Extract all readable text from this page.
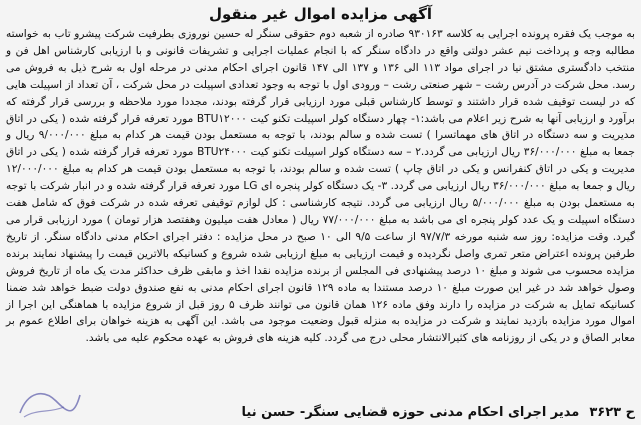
آگهی مزایده اموال غیر منقول

به موجب یک فقره پرونده اجرایی به کلاسه ۹۳۰۱۶۳ صادره از شعبه دوم حقوقی سنگر له حسین نوروزی بطرفیت شرکت پیشرو تاب به خواسته مطالبه وجه و پرداخت نیم عشر دولتی واقع در دادگاه سنگر که با انجام عملیات اجرایی و تشریفات قانونی و با ارزیابی کارشناس اهل فن و منتخب دادگستری مشتق نیا در اجرای مواد ۱۱۳ الی ۱۳۶ و ۱۳۷ الی ۱۴۷ قانون اجرای احکام مدنی در مرحله اول به شرح ذیل به فروش می رسد. محل شرکت در آدرس رشت – شهر صنعتی رشت – ورودی اول با توجه به وجود تعدادی اسپیلت در محل شرکت ، آن تعداد از اسپیلت هایی که در لیست توقیف شده قرار داشتند و توسط کارشناس قبلی مورد ارزیابی قرار گرفته بودند، مجددا مورد ملاحظه و بررسی قرار گرفته که برآورد و ارزیابی آنها به شرح زیر اعلام می باشد:۱- چهار دستگاه کولر اسپیلت تکنو کیت BTU۱۲۰۰۰ مورد تعرفه قرار گرفته شده ( یکی در اتاق مدیریت و سه دستگاه در اتاق های مهماتسرا ) تست شده و سالم بودند، با توجه به مستعمل بودن قیمت هر کدام به مبلغ ۹/۰۰۰/۰۰۰ ریال و جمعا به مبلغ ۳۶/۰۰۰/۰۰۰ ریال ارزیابی می گردد.۲ – سه دستگاه کولر اسپیلت تکنو کیت BTU۲۴۰۰۰ مورد تعرفه قرار گرفته شده ( یکی در اتاق مدیریت و یکی در اتاق کنفرانس و یکی در اتاق چاپ ) تست شده و سالم بودند، با توجه به مستعمل بودن قیمت هر کدام به مبلغ ۱۲/۰۰۰/۰۰۰ ریال و جمعا به مبلغ ۳۶/۰۰۰/۰۰۰ ریال ارزیابی می گردد. ۳- یک دستگاه کولر پنجره ای LG مورد تعرفه قرار گرفته شده و در انبار شرکت با توجه به مستعمل بودن به مبلغ ۵/۰۰۰/۰۰۰ ریال ارزیابی می گردد. نتیجه کارشناسی : کل لوازم توقیفی تعرفه شده در شرکت فوق که شامل هفت دستگاه اسپیلت و یک عدد کولر پنجره ای می باشد به مبلغ ۷۷/۰۰۰/۰۰۰ ریال ( معادل هفت میلیون وهفتصد هزار تومان ) مورد ارزیابی قرار می گیرد. وقت مزایده: روز سه شنبه مورخه ۹۷/۷/۳ از ساعت ۹/۵ الی ۱۰ صبح در محل مزایده : دفتر اجرای احکام مدنی دادگاه سنگر. از تاریخ طرفین پرونده اعتراض متعر تمری واصل نگردیده و قیمت ارزیابی به مبلغ ارزیابی شده شروع و کسانیکه بالاترین قیمت را پیشنهاد نمایند برنده مزایده محسوب می شوند و مبلغ ۱۰ درصد پیشنهادی فی المجلس از برنده مزایده نقدا اخذ و مابقی ظرف حداکثر مدت یک ماه از تاریخ فروش وصول خواهد شد در غیر این صورت مبلغ ۱۰ درصد مستندا به ماده ۱۲۹ قانون اجرای احکام مدنی به نفع صندوق دولت ضبط خواهد شد ضمنا کسانیکه تمایل به شرکت در مزایده را دارند وفق ماده ۱۲۶ همان قانون می توانند ظرف ۵ روز قبل از شروع مزایده با هماهنگی این اجرا از اموال مورد مزایده بازدید نمایند و شرکت در مزایده به منزله قبول وضعیت موجود می باشد. این آگهی به هزینه خواهان برای اطلاع عموم بر معابر الصاق و در یکی از روزنامه های کثیرالانتشار محلی درج می گردد. کلیه هزینه های فروش به عهده محکوم علیه می باشد.

ح ۳۶۲۳
مدیر اجرای احکام مدنی حوزه قضایی سنگر- حسن نیا
